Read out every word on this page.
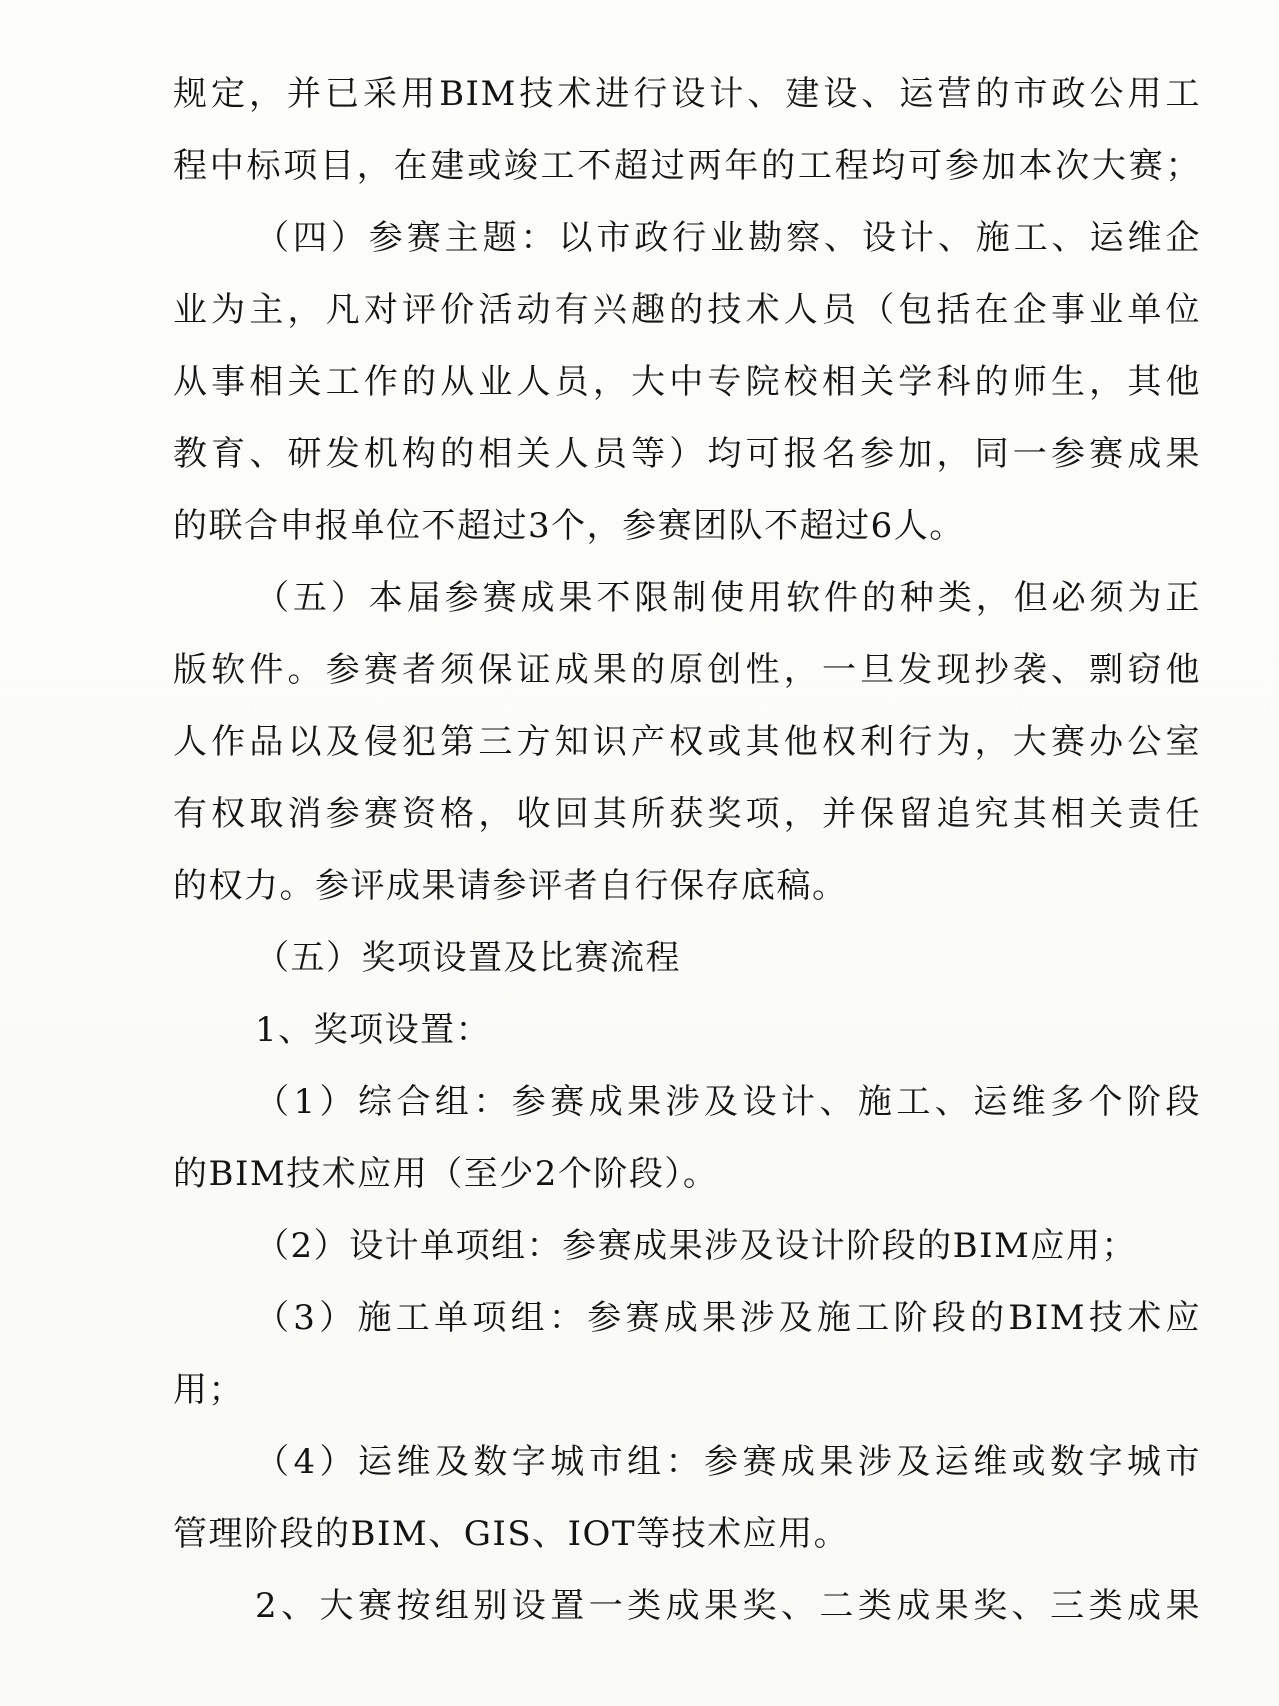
规定，并已采用BIM技术进行设计、建设、运营的市政公用工
程中标项目，在建或竣工不超过两年的工程均可参加本次大赛；
（四）参赛主题：以市政行业勘察、设计、施工、运维企
业为主，凡对评价活动有兴趣的技术人员（包括在企事业单位
从事相关工作的从业人员，大中专院校相关学科的师生，其他
教育、研发机构的相关人员等）均可报名参加，同一参赛成果
的联合申报单位不超过3个，参赛团队不超过6人。
（五）本届参赛成果不限制使用软件的种类，但必须为正
版软件。参赛者须保证成果的原创性，一旦发现抄袭、剽窃他
人作品以及侵犯第三方知识产权或其他权利行为，大赛办公室
有权取消参赛资格，收回其所获奖项，并保留追究其相关责任
的权力。参评成果请参评者自行保存底稿。
（五）奖项设置及比赛流程
1、奖项设置：
（1）综合组：参赛成果涉及设计、施工、运维多个阶段
的BIM技术应用（至少2个阶段）。
（2）设计单项组：参赛成果涉及设计阶段的BIM应用；
（3）施工单项组：参赛成果涉及施工阶段的BIM技术应
用；
（4）运维及数字城市组：参赛成果涉及运维或数字城市
管理阶段的BIM、GIS、IOT等技术应用。
2、大赛按组别设置一类成果奖、二类成果奖、三类成果
